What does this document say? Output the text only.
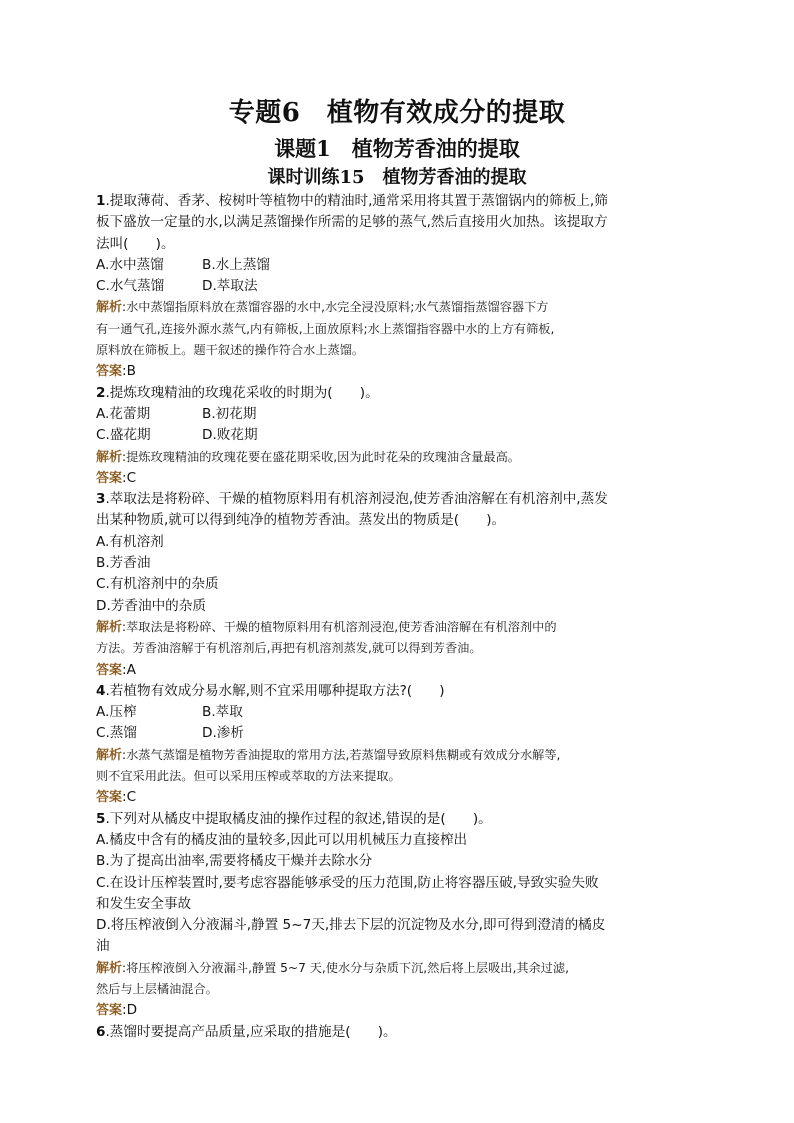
专题6　植物有效成分的提取
课题1　植物芳香油的提取
课时训练15　植物芳香油的提取
1.提取薄荷、香茅、桉树叶等植物中的精油时,通常采用将其置于蒸馏锅内的筛板上,筛
板下盛放一定量的水,以满足蒸馏操作所需的足够的蒸气,然后直接用火加热。该提取方
法叫(　　)。
A.水中蒸馏	B.水上蒸馏
C.水气蒸馏	D.萃取法
解析:水中蒸馏指原料放在蒸馏容器的水中,水完全浸没原料;水气蒸馏指蒸馏容器下方
有一通气孔,连接外源水蒸气,内有筛板,上面放原料;水上蒸馏指容器中水的上方有筛板,
原料放在筛板上。题干叙述的操作符合水上蒸馏。
答案:B
2.提炼玫瑰精油的玫瑰花采收的时期为(　　)。
A.花蕾期	B.初花期
C.盛花期	D.败花期
解析:提炼玫瑰精油的玫瑰花要在盛花期采收,因为此时花朵的玫瑰油含量最高。
答案:C
3.萃取法是将粉碎、干燥的植物原料用有机溶剂浸泡,使芳香油溶解在有机溶剂中,蒸发
出某种物质,就可以得到纯净的植物芳香油。蒸发出的物质是(　　)。
A.有机溶剂
B.芳香油
C.有机溶剂中的杂质
D.芳香油中的杂质
解析:萃取法是将粉碎、干燥的植物原料用有机溶剂浸泡,使芳香油溶解在有机溶剂中的
方法。芳香油溶解于有机溶剂后,再把有机溶剂蒸发,就可以得到芳香油。
答案:A
4.若植物有效成分易水解,则不宜采用哪种提取方法?(　　)
A.压榨	B.萃取
C.蒸馏	D.渗析
解析:水蒸气蒸馏是植物芳香油提取的常用方法,若蒸馏导致原料焦糊或有效成分水解等,
则不宜采用此法。但可以采用压榨或萃取的方法来提取。
答案:C
5.下列对从橘皮中提取橘皮油的操作过程的叙述,错误的是(　　)。
A.橘皮中含有的橘皮油的量较多,因此可以用机械压力直接榨出
B.为了提高出油率,需要将橘皮干燥并去除水分
C.在设计压榨装置时,要考虑容器能够承受的压力范围,防止将容器压破,导致实验失败
和发生安全事故
D.将压榨液倒入分液漏斗,静置 5~7天,排去下层的沉淀物及水分,即可得到澄清的橘皮
油
解析:将压榨液倒入分液漏斗,静置 5~7 天,使水分与杂质下沉,然后将上层吸出,其余过滤,
然后与上层橘油混合。
答案:D
6.蒸馏时要提高产品质量,应采取的措施是(　　)。
